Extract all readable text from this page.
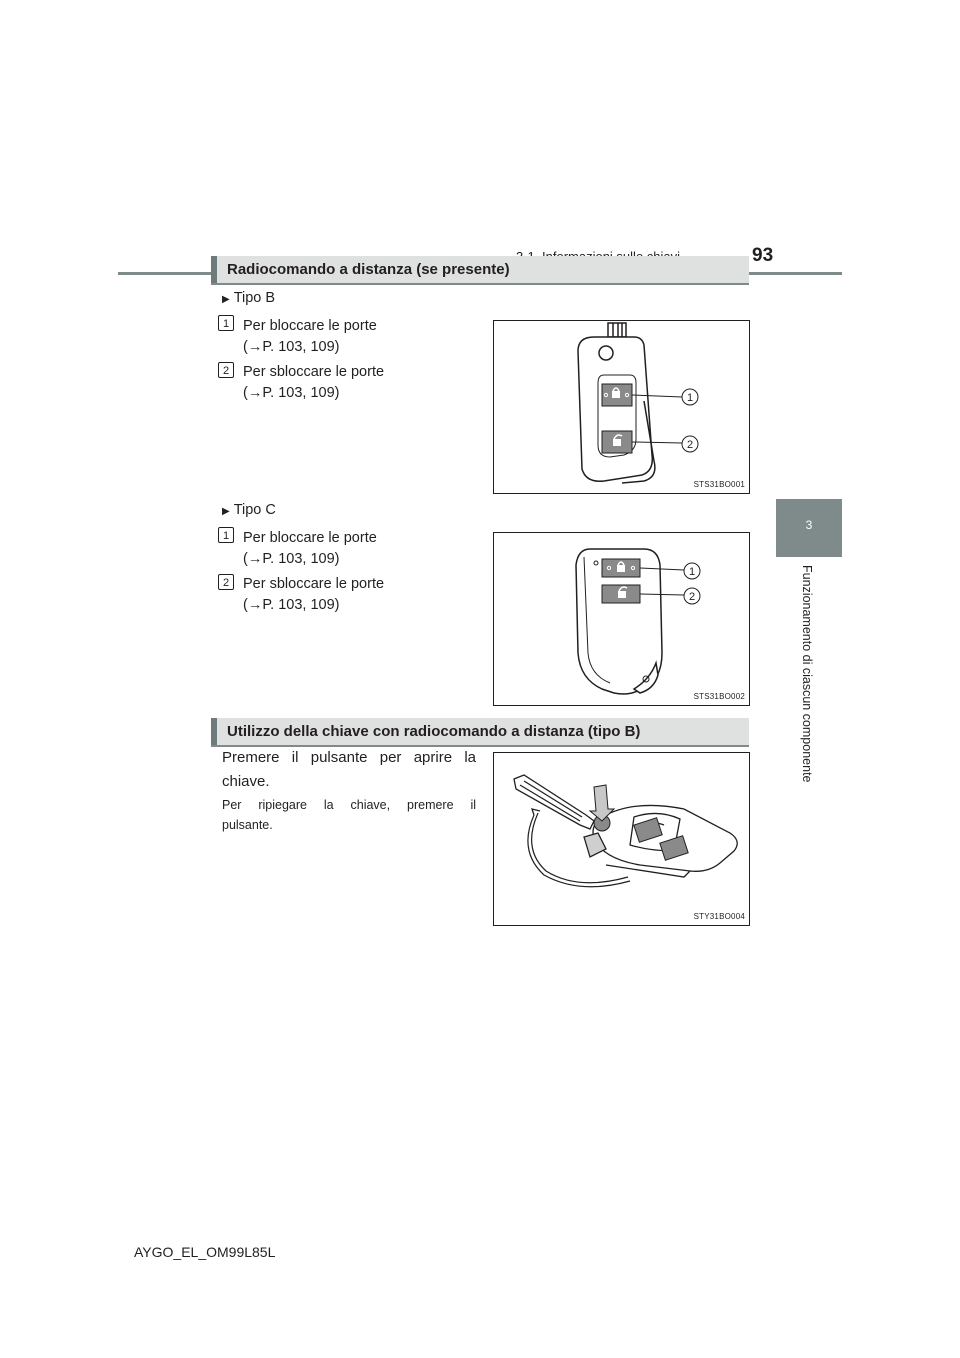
93
3
Funzionamento di ciascun componente
Radiocomando a distanza (se presente)
▶ Tipo B
1 Per bloccare le porte
(→P. 103, 109)
2 Per sbloccare le porte
(→P. 103, 109)	1
2
STS31BO001
▶ Tipo C
1 Per bloccare le porte
(→P. 103, 109)
2 Per sbloccare le porte
(→P. 103, 109)
1
2
STS31BO002
Utilizzo della chiave con radiocomando a distanza (tipo B)
Premere il pulsante per aprire la
chiave.
Per ripiegare la chiave, premere il
pulsante.
STY31BO004
AYGO_EL_OM99L85L
